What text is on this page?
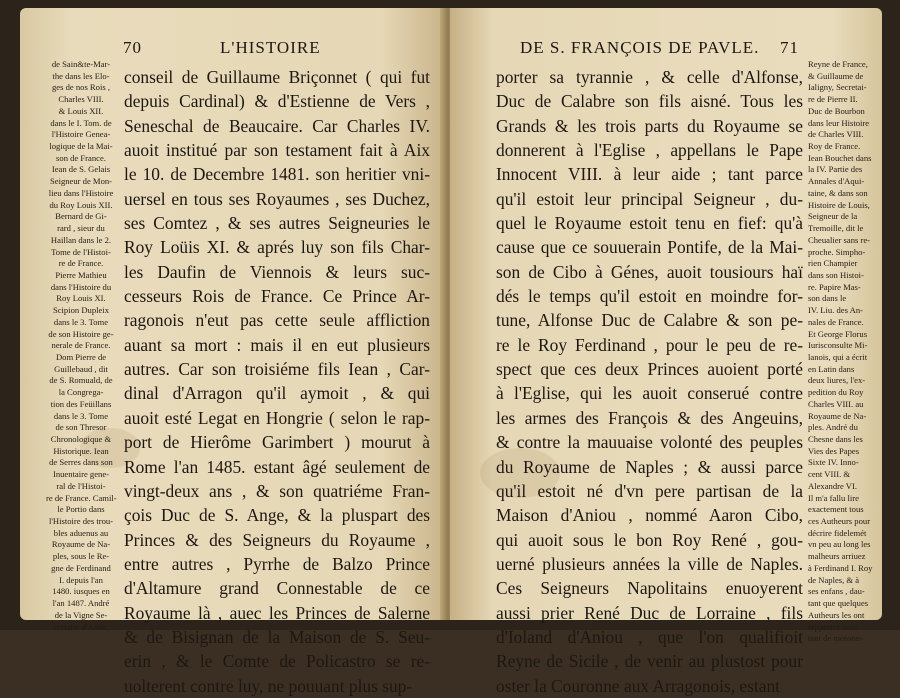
70	L'HISTOIRE
de Sain&te-Mar-
the dans les Elo-
ges de nos Rois ,
Charles VIII.
& Louis XII.
dans le I. Tom. de
l'Histoire Genea-
logique de la Mai-
son de France.
Iean de S. Gelais
Seigneur de Mon-
lieu dans l'Histoire
du Roy Louis XII.
Bernard de Gi-
rard , sieur du
Haillan dans le 2.
Tome de l'Histoi-
re de France.
Pierre Mathieu
dans l'Histoire du
Roy Louis XI.
Scipion Dupleix
dans le 3. Tome
de son Histoire ge-
nerale de France.
Dom Pierre de
Guillebaud , dit
de S. Romuald, de
la Congrega-
tion des Feüillans
dans le 3. Tome
de son Thresor
Chronologique &
Historique. Iean
de Serres dans son
Inuentaire gene-
ral de l'Histoi-
re de France. Camil-
le Portio dans
l'Histoire des trou-
bles aduenus au
Royaume de Na-
ples, sous le Re-
gne de Ferdinand
I. depuis l'an
1480. iusques en
l'an 1487. André
de la Vigne Se-
cretaire d'Anne,
conseil de Guillaume Briçonnet ( qui fut
depuis Cardinal) & d'Estienne de Vers ,
Seneschal de Beaucaire. Car Charles IV.
auoit institué par son testament fait à Aix
le 10. de Decembre 1481. son heritier vni-
uersel en tous ses Royaumes , ses Duchez,
ses Comtez , & ses autres Seigneuries le
Roy Loüis XI. & aprés luy son fils Char-
les Daufin de Viennois & leurs suc-
cesseurs Rois de France. Ce Prince Ar-
ragonois n'eut pas cette seule affliction
auant sa mort : mais il en eut plusieurs
autres. Car son troisiéme fils Iean , Car-
dinal d'Arragon qu'il aymoit , & qui
auoit esté Legat en Hongrie ( selon le rap-
port de Hierôme Garimbert ) mourut à
Rome l'an 1485. estant âgé seulement de
vingt-deux ans , & son quatriéme Fran-
çois Duc de S. Ange, & la pluspart des
Princes & des Seigneurs du Royaume ,
entre autres , Pyrrhe de Balzo Prince
d'Altamure grand Connestable de ce
Royaume là , auec les Princes de Salerne
& de Bisignan de la Maison de S. Seu-
erin , & le Comte de Policastro se re-
uolterent contre luy, ne pouuant plus sup-
DE S. FRANÇOIS DE PAVLE. 71
porter sa tyrannie , & celle d'Alfonse,
Duc de Calabre son fils aisné. Tous les
Grands & les trois parts du Royaume se
donnerent à l'Eglise , appellans le Pape
Innocent VIII. à leur aide ; tant parce
qu'il estoit leur principal Seigneur , du-
quel le Royaume estoit tenu en fief: qu'à
cause que ce souuerain Pontife, de la Mai-
son de Cibo à Génes, auoit tousiours haï
dés le temps qu'il estoit en moindre for-
tune, Alfonse Duc de Calabre & son pe-
re le Roy Ferdinand , pour le peu de re-
spect que ces deux Princes auoient porté
à l'Eglise, qui les auoit conserué contre
les armes des François & des Angeuins,
& contre la mauuaise volonté des peuples
du Royaume de Naples ; & aussi parce
qu'il estoit né d'vn pere partisan de la
Maison d'Aniou , nommé Aaron Cibo,
qui auoit sous le bon Roy René , gou-
uerné plusieurs années la ville de Naples.
Ces Seigneurs Napolitains enuoyerent
aussi prier René Duc de Lorraine , fils
d'Ioland d'Aniou , que l'on qualifioit
Reyne de Sicile , de venir au plustost pour
oster la Couronne aux Arragonois, estant
Reyne de France,
& Guillaume de
Ialigny, Secretai-
re de Pierre II.
Duc de Bourbon
dans leur Histoire
de Charles VIII.
Roy de France.
Iean Bouchet dans
la IV. Partie des
Annales d'Aqui-
taine, & dans son
Histoire de Louis,
Seigneur de la
Tremoille, dit le
Cheualier sans re-
proche. Simpho-
rien Champier
dans son Histoi-
re. Papire Mas-
son dans le
IV. Liu. des An-
nales de France.
Et George Florus
Iurisconsulte Mi-
lanois, qui a écrit
en Latin dans
deux liures, l'ex-
pedition du Roy
Charles VIII. au
Royaume de Na-
ples. André du
Chesne dans les
Vies des Papes
Sixte IV. Inno-
cent VIII. &
Alexandre VI.
Il m'a fallu lire
exactement tous
ces Autheurs pour
décrire fidelemét
vn peu au long les
malheurs arriuez
à Ferdinand I. Roy
de Naples, & à
ses enfans , dau-
tant que quelques
Autheurs les ont
rapportez auec
tant de menson-
